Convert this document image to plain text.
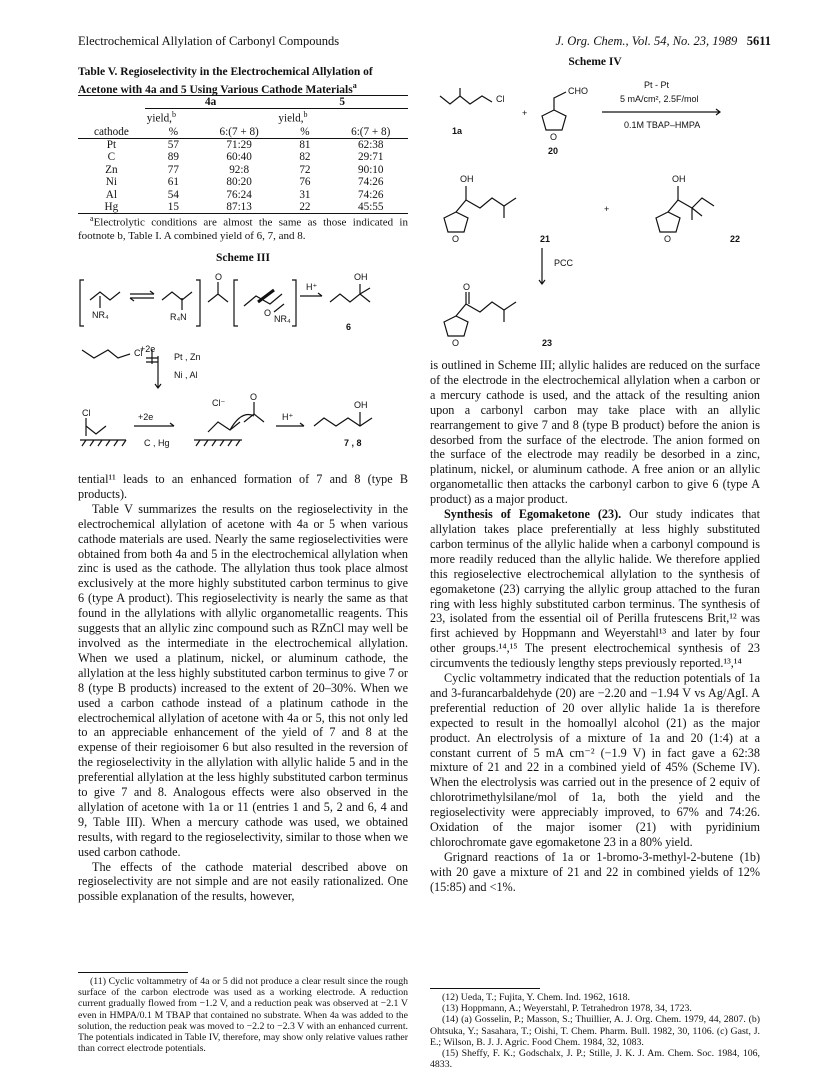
Electrochemical Allylation of Carbonyl Compounds	J. Org. Chem., Vol. 54, No. 23, 1989 5611
Table V. Regioselectivity in the Electrochemical Allylation of Acetone with 4a and 5 Using Various Cathode Materials$^a$
	4a		5	
	yield,$^b$		yield,$^b$	
cathode	%	6:(7 + 8)	%	6:(7 + 8)
Pt	57	71:29	81	62:38
C	89	60:40	82	29:71
Zn	77	92:8	72	90:10
Ni	61	80:20	76	74:26
Al	54	76:24	31	74:26
Hg	15	87:13	22	45:55
$^a$Electrolytic conditions are almost the same as those indicated in footnote b, Table I. A combined yield of 6, 7, and 8.
Scheme III
NR₄	R₄N
O
NR₄
O
H⁺
OH
6
Cl
+2e
Pt , Zn
Ni , Al
Cl	+2e
C , Hg
Cl⁻
O
H⁺
OH
7 , 8

tential¹¹ leads to an enhanced formation of 7 and 8 (type B products).

Table V summarizes the results on the regioselectivity in the electrochemical allylation of acetone with 4a or 5 when various cathode materials are used. Nearly the same regioselectivities were obtained from both 4a and 5 in the electrochemical allylation when zinc is used as the cathode. The allylation thus took place almost exclusively at the more highly substituted carbon terminus to give 6 (type A product). This regioselectivity is nearly the same as that found in the allylations with allylic organometallic reagents. This suggests that an allylic zinc compound such as RZnCl may well be involved as the intermediate in the electrochemical allylation. When we used a platinum, nickel, or aluminum cathode, the allylation at the less highly substituted carbon terminus to give 7 or 8 (type B products) increased to the extent of 20–30%. When we used a carbon cathode instead of a platinum cathode in the electrochemical allylation of acetone with 4a or 5, this not only led to an appreciable enhancement of the yield of 7 and 8 at the expense of their regioisomer 6 but also resulted in the reversion of the regioselectivity in the allylation with allylic halide 5 and in the preferential allylation at the less highly substituted carbon terminus to give 7 and 8. Analogous effects were also observed in the allylation of acetone with 1a or 11 (entries 1 and 5, 2 and 6, 4 and 9, Table III). When a mercury cathode was used, we obtained results, with regard to the regioselectivity, similar to those when we used carbon cathode.

The effects of the cathode material described above on regioselectivity are not simple and are not easily rationalized. One possible explanation of the results, however,

(11) Cyclic voltammetry of 4a or 5 did not produce a clear result since the rough surface of the carbon electrode was used as a working electrode. A reduction current gradually flowed from −1.2 V, and a reduction peak was observed at −2.1 V even in HMPA/0.1 M TBAP that contained no substrate. When 4a was added to the solution, the reduction peak was moved to −2.2 to −2.3 V with an enhanced current. The potentials indicated in Table IV, therefore, may show only relative values rather than correct electrode potentials.
Scheme IV
Cl
+
CHO
O
Pt - Pt
5 mA/cm², 2.5F/mol
0.1M TBAP–HMPA
1a
20
OH
O
+
OH
O
21	22
PCC
O
O	23

is outlined in Scheme III; allylic halides are reduced on the surface of the electrode in the electrochemical allylation when a carbon or a mercury cathode is used, and the attack of the resulting anion upon a carbonyl carbon may take place with an allylic rearrangement to give 7 and 8 (type B product) before the anion is desorbed from the surface of the electrode. The anion formed on the surface of the electrode may readily be desorbed in a zinc, platinum, nickel, or aluminum cathode. A free anion or an allylic organometallic then attacks the carbonyl carbon to give 6 (type A product) as a major product.

Synthesis of Egomaketone (23). Our study indicates that allylation takes place preferentially at less highly substituted carbon terminus of the allylic halide when a carbonyl compound is more readily reduced than the allylic halide. We therefore applied this regioselective electrochemical allylation to the synthesis of egomaketone (23) carrying the allylic group attached to the furan ring with less highly substituted carbon terminus. The synthesis of 23, isolated from the essential oil of Perilla frutescens Brit,¹² was first achieved by Hoppmann and Weyerstahl¹³ and later by four other groups.¹⁴,¹⁵ The present electrochemical synthesis of 23 circumvents the tediously lengthy steps previously reported.¹³,¹⁴

Cyclic voltammetry indicated that the reduction potentials of 1a and 3-furancarbaldehyde (20) are −2.20 and −1.94 V vs Ag/AgI. A preferential reduction of 20 over allylic halide 1a is therefore expected to result in the homoallyl alcohol (21) as the major product. An electrolysis of a mixture of 1a and 20 (1:4) at a constant current of 5 mA cm⁻² (−1.9 V) in fact gave a 62:38 mixture of 21 and 22 in a combined yield of 45% (Scheme IV). When the electrolysis was carried out in the presence of 2 equiv of chlorotrimethylsilane/mol of 1a, both the yield and the regioselectivity were appreciably improved, to 67% and 74:26. Oxidation of the major isomer (21) with pyridinium chlorochromate gave egomaketone 23 in a 80% yield.

Grignard reactions of 1a or 1-bromo-3-methyl-2-butene (1b) with 20 gave a mixture of 21 and 22 in combined yields of 12% (15:85) and <1%.

(12) Ueda, T.; Fujita, Y. Chem. Ind. 1962, 1618.
(13) Hoppmann, A.; Weyerstahl, P. Tetrahedron 1978, 34, 1723.
(14) (a) Gosselin, P.; Masson, S.; Thuillier, A. J. Org. Chem. 1979, 44, 2807. (b) Ohtsuka, Y.; Sasahara, T.; Oishi, T. Chem. Pharm. Bull. 1982, 30, 1106. (c) Gast, J. E.; Wilson, B. J. J. Agric. Food Chem. 1984, 32, 1083.
(15) Sheffy, F. K.; Godschalx, J. P.; Stille, J. K. J. Am. Chem. Soc. 1984, 106, 4833.
